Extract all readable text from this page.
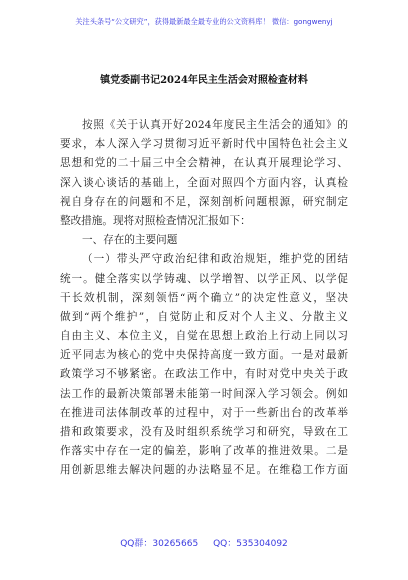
关注头条号“公文研究”，获得最新最全最专业的公文资料库！ 微信：gongwenyj
镇党委副书记2024年民主生活会对照检查材料
按照《关于认真开好2024年度民主生活会的通知》的
要求，本人深入学习贯彻习近平新时代中国特色社会主义
思想和党的二十届三中全会精神，在认真开展理论学习、
深入谈心谈话的基础上，全面对照四个方面内容，认真检
视自身存在的问题和不足，深刻剖析问题根源，研究制定
整改措施。现将对照检查情况汇报如下：
一、存在的主要问题
（一）带头严守政治纪律和政治规矩，维护党的团结
统一。健全落实以学铸魂、以学增智、以学正风、以学促
干长效机制，深刻领悟“两个确立”的决定性意义，坚决
做到“两个维护”，自觉防止和反对个人主义、分散主义
自由主义、本位主义，自觉在思想上政治上行动上同以习
近平同志为核心的党中央保持高度一致方面。一是对最新
政策学习不够紧密。在政法工作中，有时对党中央关于政
法工作的最新决策部署未能第一时间深入学习领会。例如
在推进司法体制改革的过程中，对于一些新出台的改革举
措和政策要求，没有及时组织系统学习和研究，导致在工
作落实中存在一定的偏差，影响了改革的推进效果。二是
用创新思维去解决问题的办法略显不足。在维稳工作方面
QQ群：30265665 QQ：535304092
